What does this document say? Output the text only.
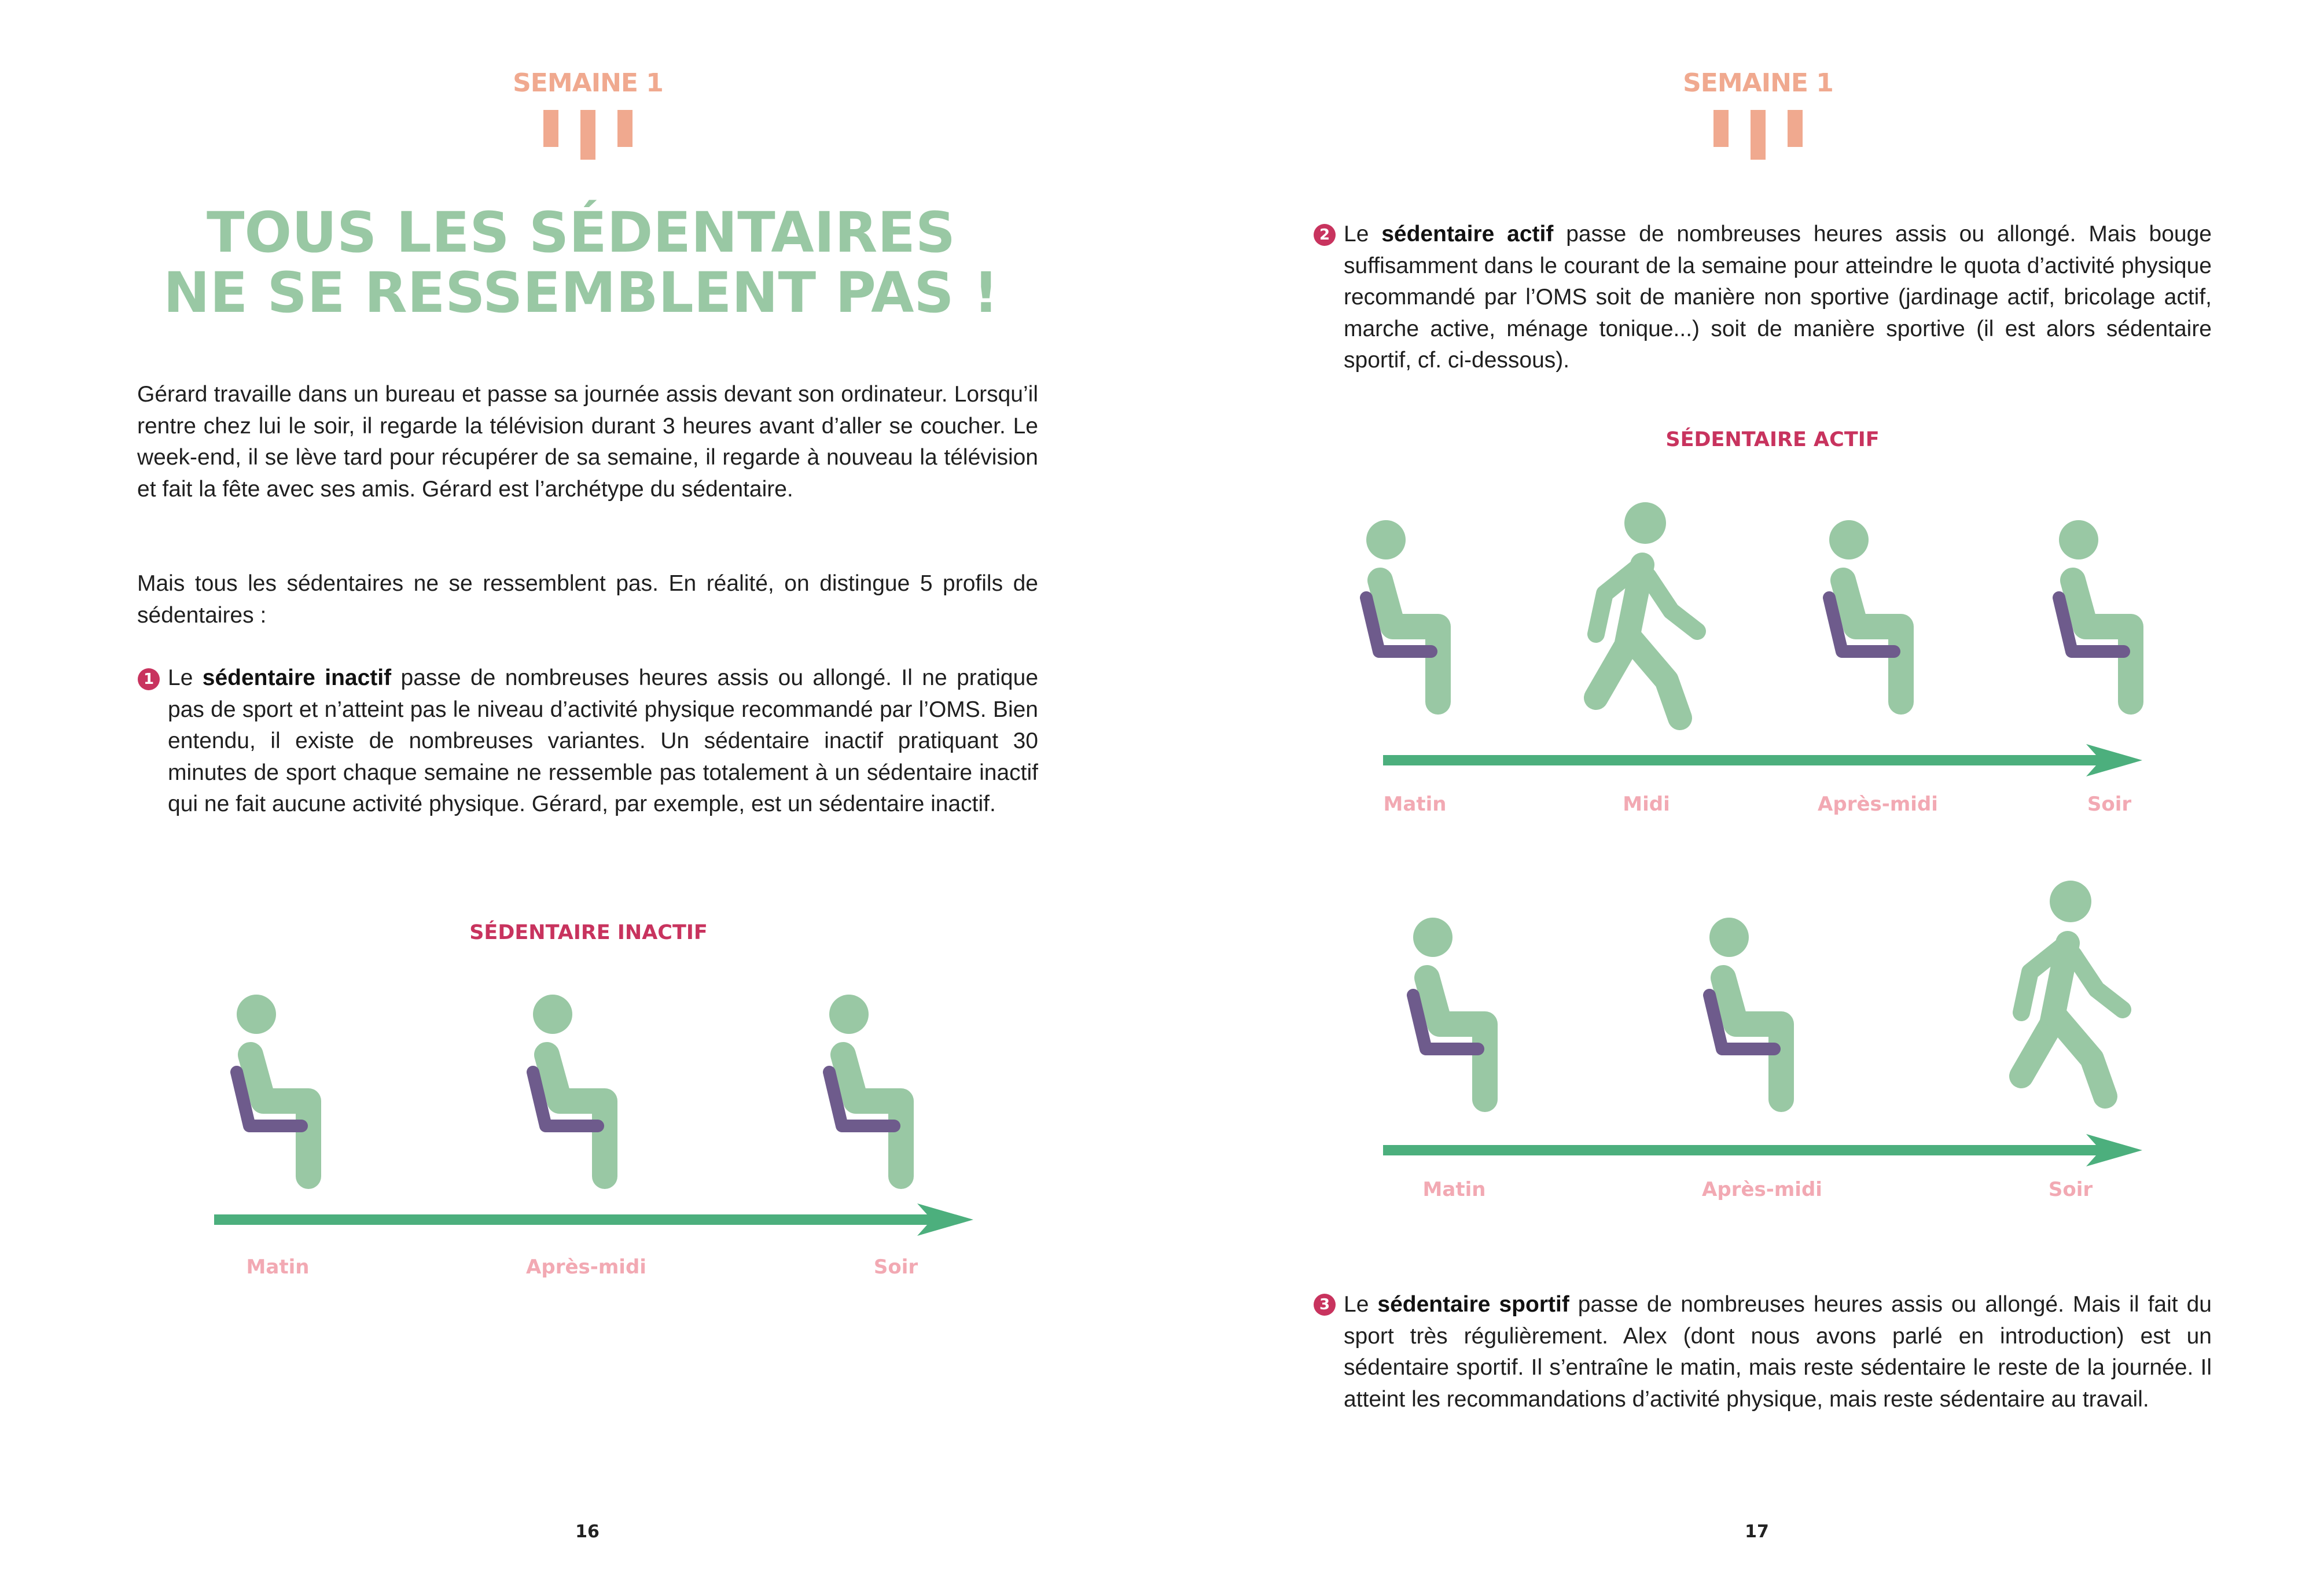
SEMAINE 1
TOUS LES SÉDENTAIRES
NE SE RESSEMBLENT PAS !

Gérard travaille dans un bureau et passe sa journée assis devant son ordinateur. Lorsqu’il rentre chez lui le soir, il regarde la télévision durant 3 heures avant d’aller se coucher. Le week-end, il se lève tard pour récupérer de sa semaine, il regarde à nouveau la télévision et fait la fête avec ses amis. Gérard est l’archétype du sédentaire.

Mais tous les sédentaires ne se ressemblent pas. En réalité, on distingue 5 profils de sédentaires :

1 Le sédentaire inactif passe de nombreuses heures assis ou allongé. Il ne pratique pas de sport et n’atteint pas le niveau d’activité physique recommandé par l’OMS. Bien entendu, il existe de nombreuses variantes. Un sédentaire inactif pratiquant 30 minutes de sport chaque semaine ne ressemble pas totalement à un sédentaire inactif qui ne fait aucune activité physique. Gérard, par exemple, est un sédentaire inactif.

SÉDENTAIRE INACTIF
Matin	Après-midi	Soir
16
SEMAINE 1
2 Le sédentaire actif passe de nombreuses heures assis ou allongé. Mais bouge suffisamment dans le courant de la semaine pour atteindre le quota d’activité physique recommandé par l’OMS soit de manière non sportive (jardinage actif, bricolage actif, marche active, ménage tonique...) soit de manière sportive (il est alors sédentaire sportif, cf. ci-dessous).

SÉDENTAIRE ACTIF
Matin	Midi	Après-midi	Soir
Matin	Après-midi	Soir
3 Le sédentaire sportif passe de nombreuses heures assis ou allongé. Mais il fait du sport très régulièrement. Alex (dont nous avons parlé en introduction) est un sédentaire sportif. Il s’entraîne le matin, mais reste sédentaire le reste de la journée. Il atteint les recommandations d’activité physique, mais reste sédentaire au travail.

17
